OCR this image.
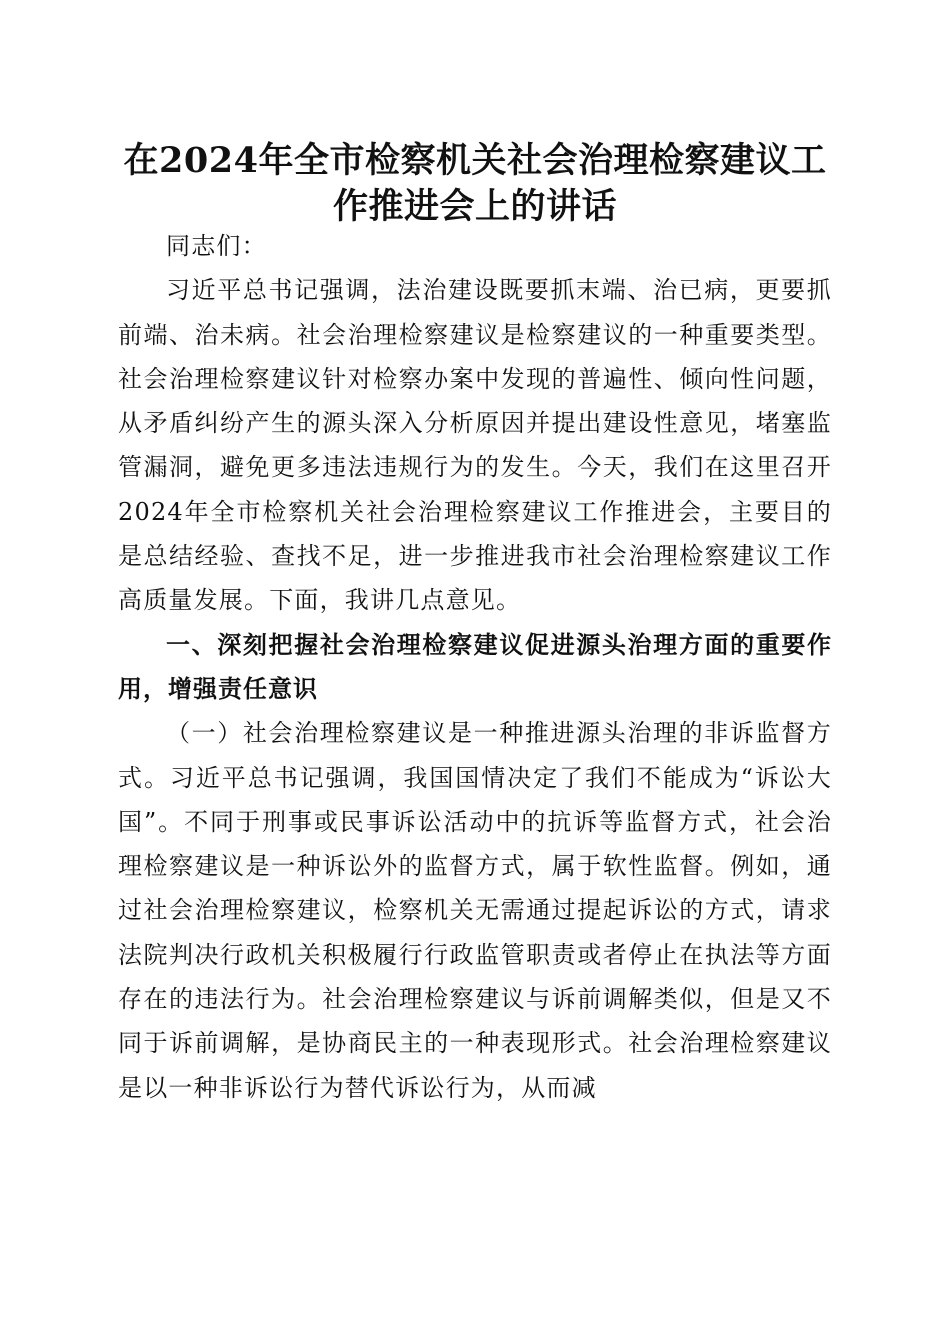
在2024年全市检察机关社会治理检察建议工作推进会上的讲话

同志们：

习近平总书记强调，法治建设既要抓末端、治已病，更要抓前端、治未病。社会治理检察建议是检察建议的一种重要类型。社会治理检察建议针对检察办案中发现的普遍性、倾向性问题，从矛盾纠纷产生的源头深入分析原因并提出建设性意见，堵塞监管漏洞，避免更多违法违规行为的发生。今天，我们在这里召开2024年全市检察机关社会治理检察建议工作推进会，主要目的是总结经验、查找不足，进一步推进我市社会治理检察建议工作高质量发展。下面，我讲几点意见。

一、深刻把握社会治理检察建议促进源头治理方面的重要作用，增强责任意识

（一）社会治理检察建议是一种推进源头治理的非诉监督方式。习近平总书记强调，我国国情决定了我们不能成为“诉讼大国”。不同于刑事或民事诉讼活动中的抗诉等监督方式，社会治理检察建议是一种诉讼外的监督方式，属于软性监督。例如，通过社会治理检察建议，检察机关无需通过提起诉讼的方式，请求法院判决行政机关积极履行行政监管职责或者停止在执法等方面存在的违法行为。社会治理检察建议与诉前调解类似，但是又不同于诉前调解，是协商民主的一种表现形式。社会治理检察建议是以一种非诉讼行为替代诉讼行为，从而减
